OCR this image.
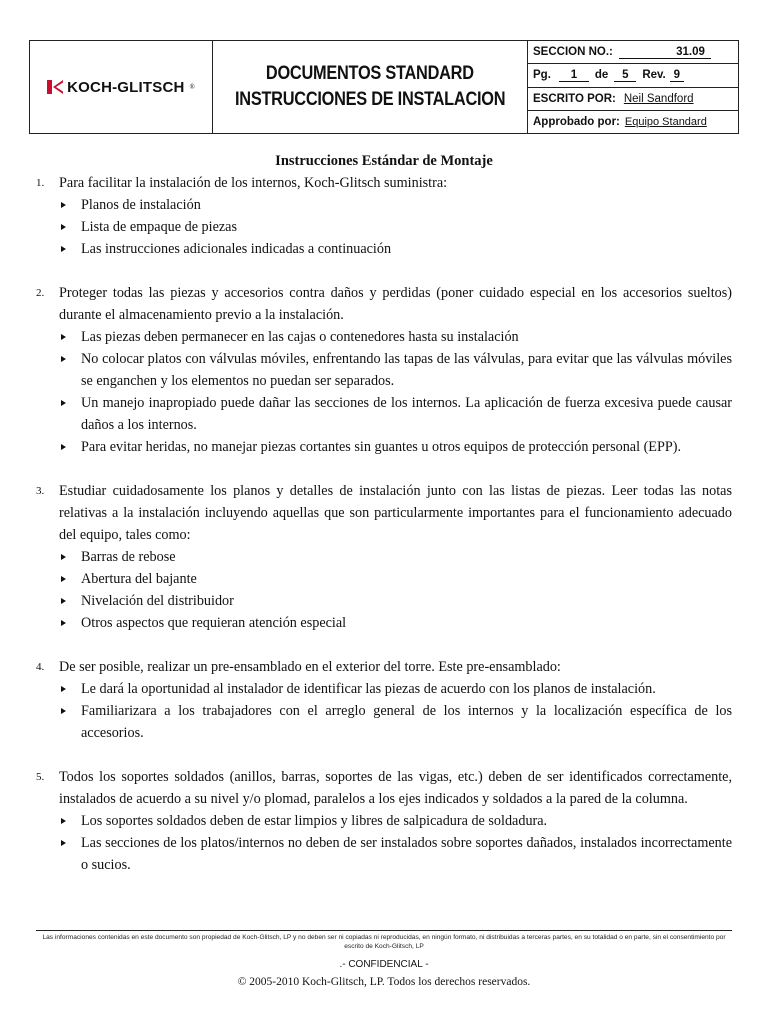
KOCH-GLITSCH ®
DOCUMENTOS STANDARD
INSTRUCCIONES DE INSTALACION
SECCION NO.:	31.09
Pg.	1	de	5	Rev. 9
ESCRITO POR: Neil Sandford
Approbado por: Equipo Standard
Instrucciones Estándar de Montaje
1. Para facilitar la instalación de los internos, Koch-Glitsch suministra:
Planos de instalación
Lista de empaque de piezas
Las instrucciones adicionales indicadas a continuación
2. Proteger todas las piezas y accesorios contra daños y perdidas (poner cuidado especial en los accesorios sueltos) durante el almacenamiento previo a la instalación.
Las piezas deben permanecer en las cajas o contenedores hasta su instalación
No colocar platos con válvulas móviles, enfrentando las tapas de las válvulas, para evitar que las válvulas móviles se enganchen y los elementos no puedan ser separados.
Un manejo inapropiado puede dañar las secciones de los internos. La aplicación de fuerza excesiva puede causar daños a los internos.
Para evitar heridas, no manejar piezas cortantes sin guantes u otros equipos de protección personal (EPP).
3. Estudiar cuidadosamente los planos y detalles de instalación junto con las listas de piezas. Leer todas las notas relativas a la instalación incluyendo aquellas que son particularmente importantes para el funcionamiento adecuado del equipo, tales como:
Barras de rebose
Abertura del bajante
Nivelación del distribuidor
Otros aspectos que requieran atención especial
4. De ser posible, realizar un pre-ensamblado en el exterior del torre. Este pre-ensamblado:
Le dará la oportunidad al instalador de identificar las piezas de acuerdo con los planos de instalación.
Familiarizara a los trabajadores con el arreglo general de los internos y la localización específica de los accesorios.
5. Todos los soportes soldados (anillos, barras, soportes de las vigas, etc.) deben de ser identificados correctamente, instalados de acuerdo a su nivel y/o plomad, paralelos a los ejes indicados y soldados a la pared de la columna.
Los soportes soldados deben de estar limpios y libres de salpicadura de soldadura.
Las secciones de los platos/internos no deben de ser instalados sobre soportes dañados, instalados incorrectamente o sucios.
Las informaciones contenidas en este documento son propiedad de Koch-Glitsch, LP y no deben ser ni copiadas ni reproducidas, en ningún formato, ni distribuidas a terceras partes, en su totalidad o en parte, sin el consentimiento por escrito de Koch-Glitsch, LP
.- CONFIDENCIAL -
© 2005-2010 Koch-Glitsch, LP. Todos los derechos reservados.
